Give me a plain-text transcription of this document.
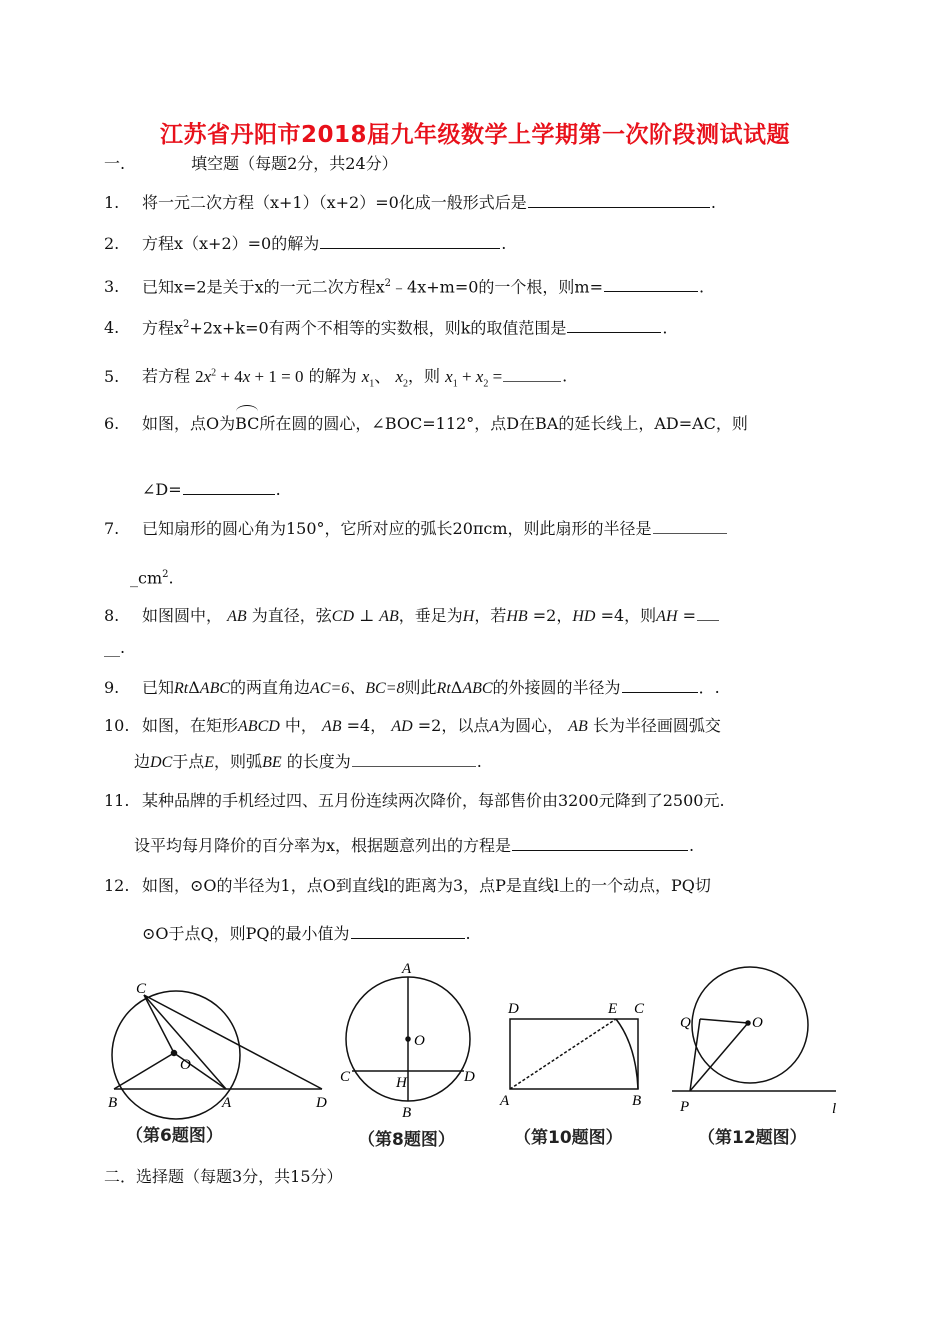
江苏省丹阳市2018届九年级数学上学期第一次阶段测试试题
一.	填空题（每题2分，共24分）
1. 将一元二次方程（x+1）（x+2）=0化成一般形式后是	.
2. 方程x（x+2）=0的解为	.
3. 已知x=2是关于x的一元二次方程$x^2﹣4x+m=0$的一个根，则m=	.
4. 方程$x^2+2x+k=0$有两个不相等的实数根，则k的取值范围是	.
5. 若方程 $2x^2 + 4x + 1 = 0$ 的解为 $x_1$、 $x_2$，则 $x_1 + x_2$ =	.
6. 如图，点O为BC所在圆的圆心，∠BOC=112°，点D在BA的延长线上，AD=AC，则
∠D=	.
7. 已知扇形的圆心角为150°，它所对应的弧长20πcm，则此扇形的半径是
$\_cm^2$.
8. 如图圆中， AB 为直径，弦CD ⊥ AB，垂足为H，若HB =2，HD =4，则AH =
__.
9. 已知RtΔABC的两直角边AC=6、BC=8则此RtΔABC的外接圆的半径为	．.
10. 如图，在矩形ABCD 中， AB =4， AD =2，以点A为圆心， AB 长为半径画圆弧交
边DC于点E，则弧BE 的长度为	.
11. 某种品牌的手机经过四、五月份连续两次降价，每部售价由3200元降到了2500元.
设平均每月降价的百分率为x，根据题意列出的方程是	.
12. 如图，⊙O的半径为1，点O到直线l的距离为3，点P是直线l上的一个动点，PQ切
⊙O于点Q，则PQ的最小值为	.
C
O
B	A	D
（第6题图）
A
O
C	H	D
B
（第8题图）
D	E C
A	B
（第10题图）
Q	O
P	l
（第12题图）
二．选择题（每题3分，共15分）
